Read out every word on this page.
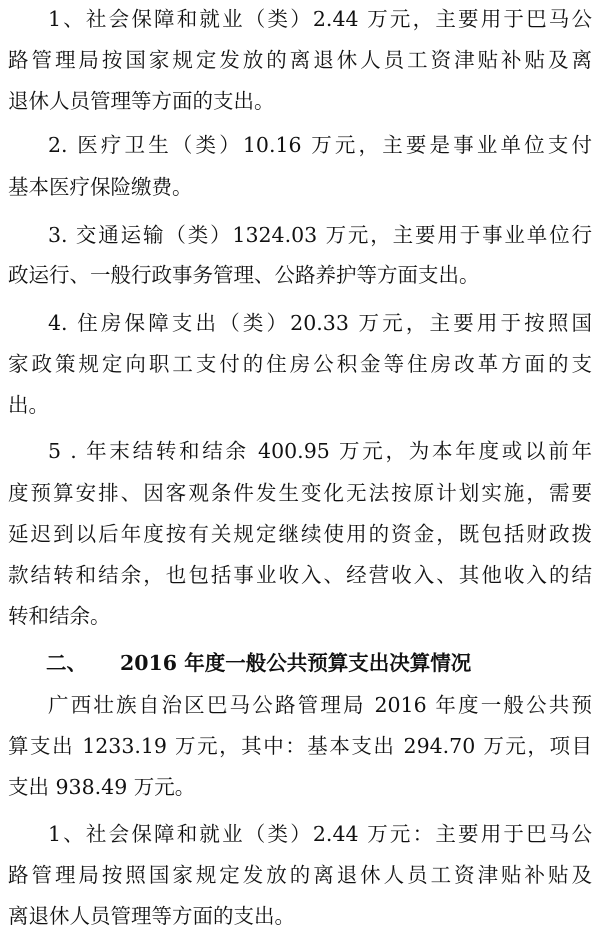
1、社会保障和就业（类）2.44 万元，主要用于巴马公

路管理局按国家规定发放的离退休人员工资津贴补贴及离

退休人员管理等方面的支出。

2. 医疗卫生（类）10.16 万元，主要是事业单位支付

基本医疗保险缴费。

3. 交通运输（类）1324.03 万元，主要用于事业单位行

政运行、一般行政事务管理、公路养护等方面支出。

4. 住房保障支出（类）20.33 万元，主要用于按照国

家政策规定向职工支付的住房公积金等住房改革方面的支

出。

5 . 年末结转和结余 400.95 万元，为本年度或以前年

度预算安排、因客观条件发生变化无法按原计划实施，需要

延迟到以后年度按有关规定继续使用的资金，既包括财政拨

款结转和结余，也包括事业收入、经营收入、其他收入的结

转和结余。

二、 2016 年度一般公共预算支出决算情况

广西壮族自治区巴马公路管理局 2016 年度一般公共预

算支出 1233.19 万元，其中：基本支出 294.70 万元，项目

支出 938.49 万元。

1、社会保障和就业（类）2.44 万元：主要用于巴马公

路管理局按照国家规定发放的离退休人员工资津贴补贴及

离退休人员管理等方面的支出。
